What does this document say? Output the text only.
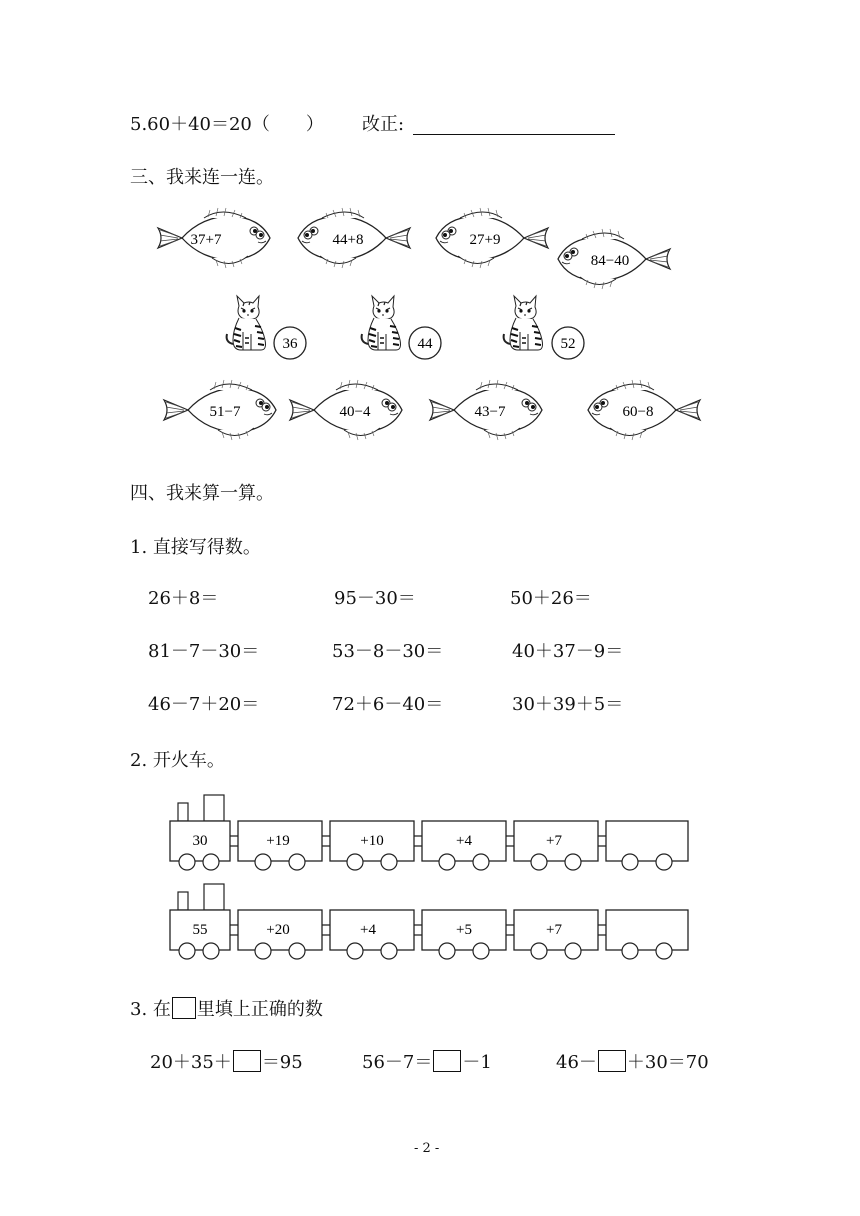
5.60＋40＝20（　　） 改正:
三、我来连一连。
37+7	44+8	27+9
84−40
36	44	52
51−7	40−4	43−7	60−8
30	+19	+10	+4	+7
55	+20	+4	+5	+7
四、我来算一算。
1. 直接写得数。
26＋8＝	95－30＝	50＋26＝
81－7－30＝	53－8－30＝	40＋37－9＝
46－7＋20＝	72＋6－40＝	30＋39＋5＝
2. 开火车。
3. 在 里填上正确的数
20＋35＋ ＝95	56－7＝ －1	46－ ＋30＝70
- 2 -
